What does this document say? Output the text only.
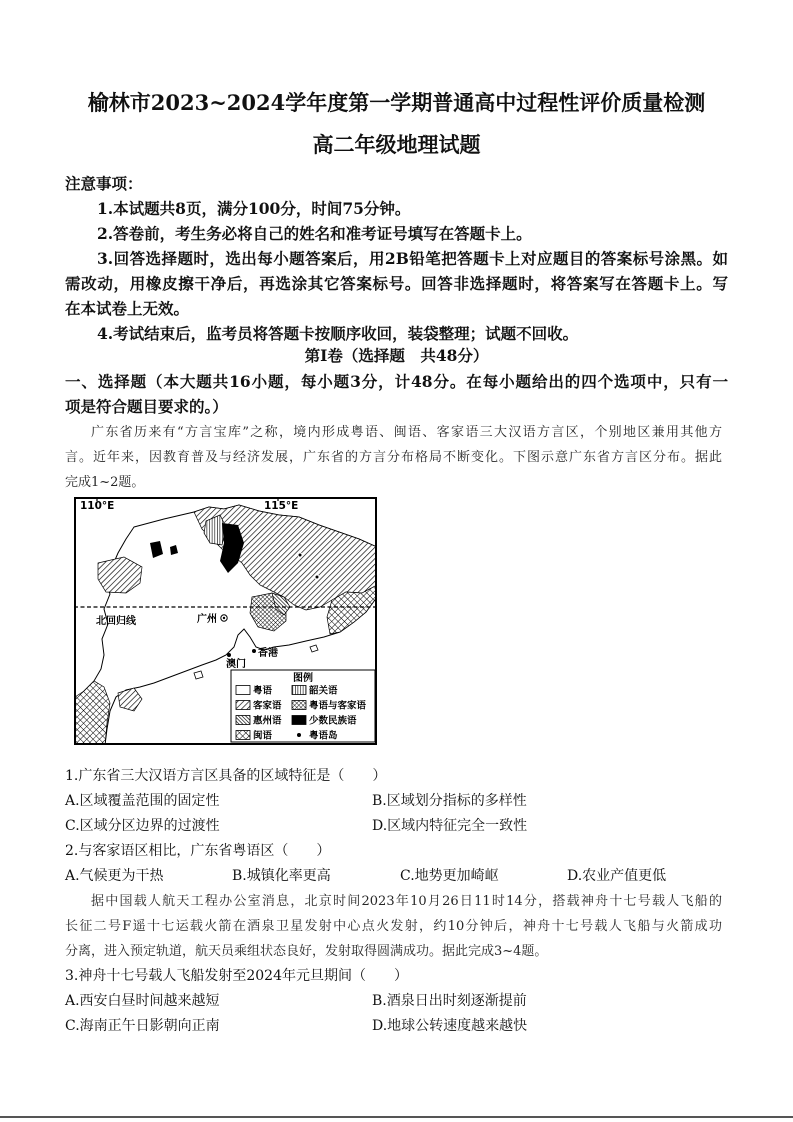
榆林市2023~2024学年度第一学期普通高中过程性评价质量检测
高二年级地理试题
注意事项：
1.本试题共8页，满分100分，时间75分钟。
2.答卷前，考生务必将自己的姓名和准考证号填写在答题卡上。
3.回答选择题时，选出每小题答案后，用2B铅笔把答题卡上对应题目的答案标号涂黑。如
需改动，用橡皮擦干净后，再选涂其它答案标号。回答非选择题时，将答案写在答题卡上。写
在本试卷上无效。
4.考试结束后，监考员将答题卡按顺序收回，装袋整理；试题不回收。
第Ⅰ卷（选择题　共48分）
一、选择题（本大题共16小题，每小题3分，计48分。在每小题给出的四个选项中，只有一
项是符合题目要求的。）
广东省历来有“方言宝库”之称，境内形成粤语、闽语、客家语三大汉语方言区，个别地区兼用其他方
言。近年来，因教育普及与经济发展，广东省的方言分布格局不断变化。下图示意广东省方言区分布。据此
完成1~2题。
北回归线
110°E	115°E
广州
澳门
香港
图例
粤语	韶关语
客家语	粤语与客家语
惠州语	少数民族语
闽语	粤语岛
1.广东省三大汉语方言区具备的区域特征是（　　）
A.区域覆盖范围的固定性	B.区域划分指标的多样性
C.区域分区边界的过渡性	D.区域内特征完全一致性
2.与客家语区相比，广东省粤语区（　　）
A.气候更为干热	B.城镇化率更高	C.地势更加崎岖	D.农业产值更低
据中国载人航天工程办公室消息，北京时间2023年10月26日11时14分，搭载神舟十七号载人飞船的
长征二号F遥十七运载火箭在酒泉卫星发射中心点火发射，约10分钟后，神舟十七号载人飞船与火箭成功
分离，进入预定轨道，航天员乘组状态良好，发射取得圆满成功。据此完成3~4题。
3.神舟十七号载人飞船发射至2024年元旦期间（　　）
A.西安白昼时间越来越短	B.酒泉日出时刻逐渐提前
C.海南正午日影朝向正南	D.地球公转速度越来越快
